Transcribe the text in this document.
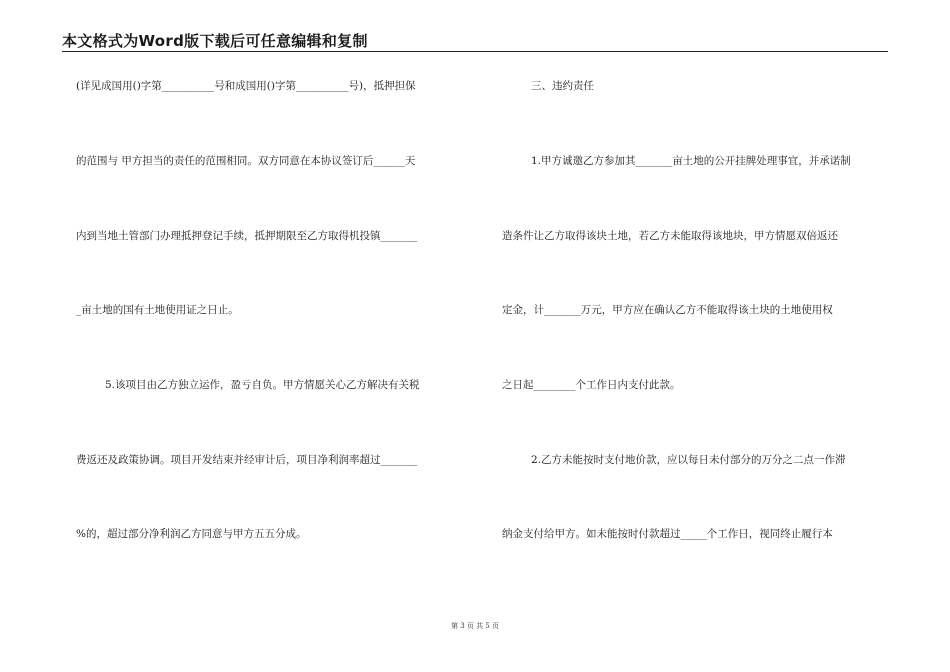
本文格式为Word版下载后可任意编辑和复制
(详见成国用()字第__________号和成国用()字第__________号)，抵押担保
的范围与 甲方担当的责任的范围相同。双方同意在本协议签订后______天
内到当地土管部门办理抵押登记手续，抵押期限至乙方取得机投镇_______
_亩土地的国有土地使用证之日止。
5.该项目由乙方独立运作，盈亏自负。甲方情愿关心乙方解决有关税
费返还及政策协调。项目开发结束并经审计后，项目净利润率超过_______
%的，超过部分净利润乙方同意与甲方五五分成。
三、违约责任
1.甲方诚邀乙方参加其_______亩土地的公开挂牌处理事宜，并承诺制
造条件让乙方取得该块土地，若乙方未能取得该地块，甲方情愿双倍返还
定金，计_______万元，甲方应在确认乙方不能取得该土块的土地使用权
之日起________个工作日内支付此款。
2.乙方未能按时支付地价款，应以每日未付部分的万分之二点一作滞
纳金支付给甲方。如未能按时付款超过_____个工作日，视同终止履行本
第 3 页 共 5 页
